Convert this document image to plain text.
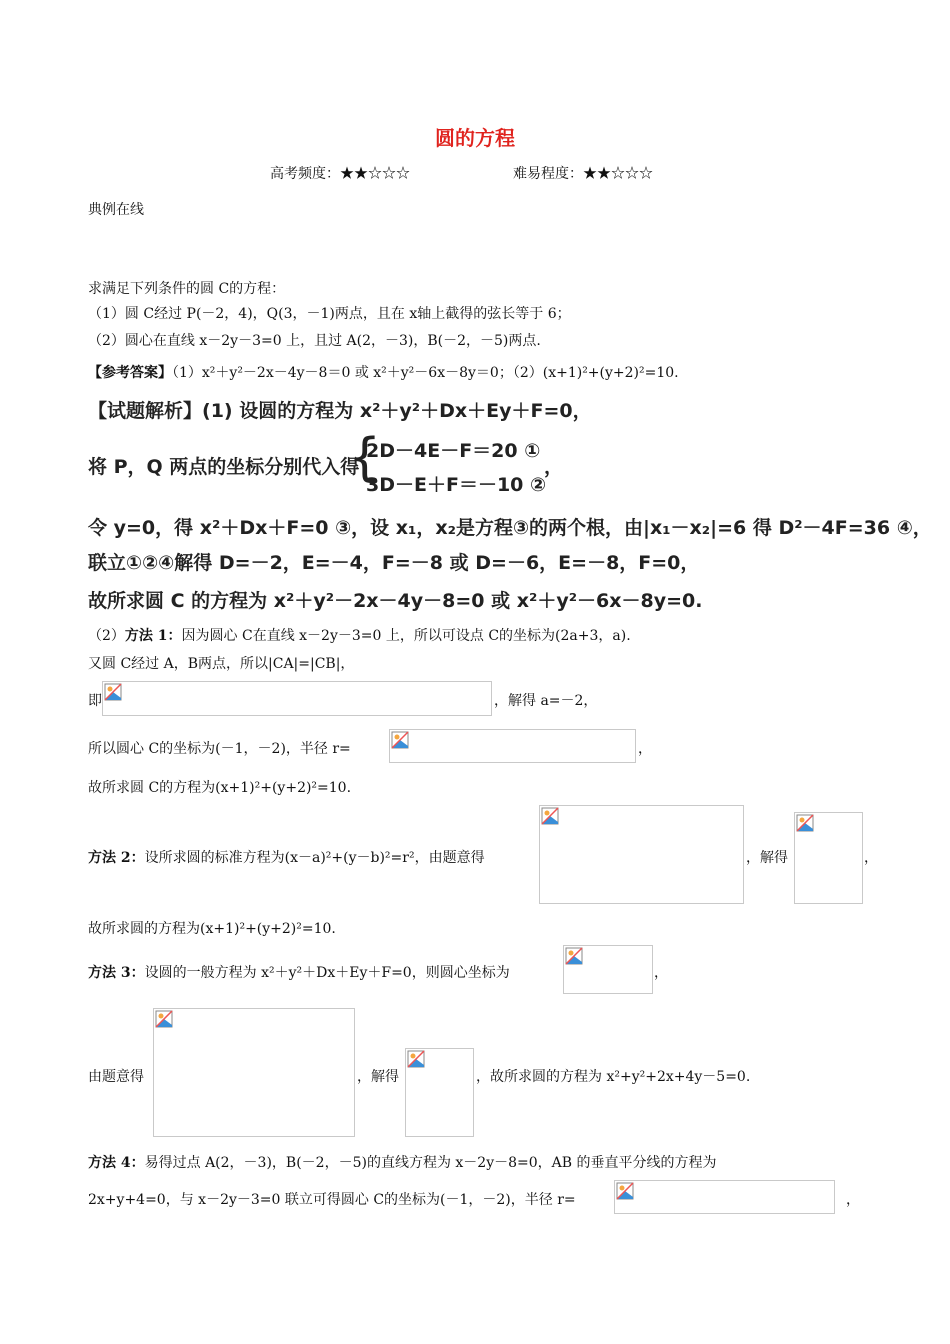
圆的方程
高考频度：★★☆☆☆	难易程度：★★☆☆☆
典例在线
求满足下列条件的圆 C的方程：
（1）圆 C经过 P(－2，4)，Q(3，－1)两点，且在 x轴上截得的弦长等于 6；
（2）圆心在直线 x－2y－3=0 上，且过 A(2，－3)，B(－2，－5)两点.
【参考答案】（1）x²＋y²－2x－4y－8＝0 或 x²＋y²－6x－8y＝0；（2）(x+1)²+(y+2)²=10.
【试题解析】(1) 设圆的方程为 x²＋y²＋Dx＋Ey＋F=0，
将 P，Q 两点的坐标分别代入得
{
2D－4E－F＝20 ①
3D－E＋F＝－10 ②
，
令 y=0，得 x²＋Dx＋F=0 ③，设 x₁，x₂是方程③的两个根，由|x₁－x₂|=6 得 D²－4F=36 ④，
联立①②④解得 D=－2，E=－4，F=－8 或 D=－6，E=－8，F=0，
故所求圆 C 的方程为 x²＋y²－2x－4y－8=0 或 x²＋y²－6x－8y=0.
（2）方法 1：因为圆心 C在直线 x－2y－3=0 上，所以可设点 C的坐标为(2a+3，a).
又圆 C经过 A，B两点，所以|CA|=|CB|，
即	，解得 a=－2，
所以圆心 C的坐标为(－1，－2)，半径 r=	，
故所求圆 C的方程为(x+1)²+(y+2)²=10.
方法 2：设所求圆的标准方程为(x－a)²+(y－b)²=r²，由题意得	，解得	，
故所求圆的方程为(x+1)²+(y+2)²=10.
方法 3：设圆的一般方程为 x²＋y²＋Dx＋Ey＋F=0，则圆心坐标为	，
由题意得	，解得	，故所求圆的方程为 x²+y²+2x+4y－5=0.
方法 4：易得过点 A(2，－3)，B(－2，－5)的直线方程为 x－2y－8=0，AB 的垂直平分线的方程为
2x+y+4=0，与 x－2y－3=0 联立可得圆心 C的坐标为(－1，－2)，半径 r=	，
